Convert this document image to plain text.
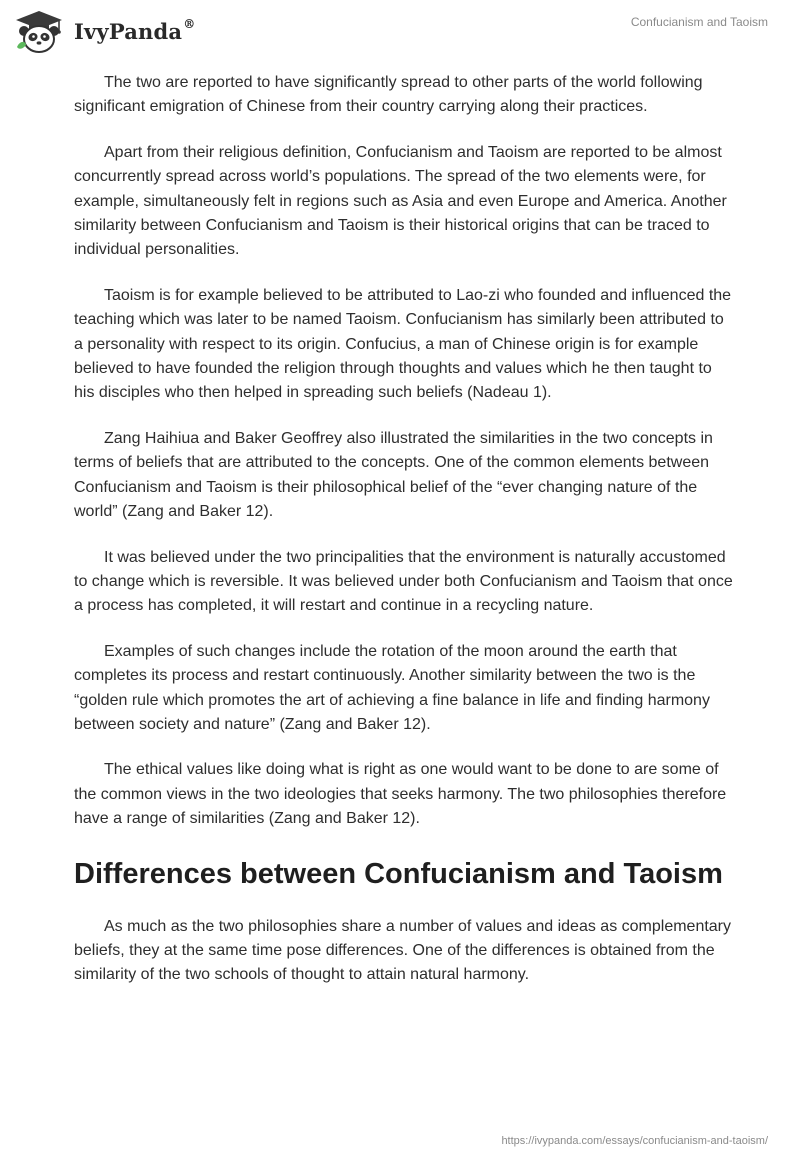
IvyPanda®	Confucianism and Taoism

The two are reported to have significantly spread to other parts of the world following significant emigration of Chinese from their country carrying along their practices.

Apart from their religious definition, Confucianism and Taoism are reported to be almost concurrently spread across world’s populations. The spread of the two elements were, for example, simultaneously felt in regions such as Asia and even Europe and America. Another similarity between Confucianism and Taoism is their historical origins that can be traced to individual personalities.

Taoism is for example believed to be attributed to Lao-zi who founded and influenced the teaching which was later to be named Taoism. Confucianism has similarly been attributed to a personality with respect to its origin. Confucius, a man of Chinese origin is for example believed to have founded the religion through thoughts and values which he then taught to his disciples who then helped in spreading such beliefs (Nadeau 1).

Zang Haihiua and Baker Geoffrey also illustrated the similarities in the two concepts in terms of beliefs that are attributed to the concepts. One of the common elements between Confucianism and Taoism is their philosophical belief of the “ever changing nature of the world” (Zang and Baker 12).

It was believed under the two principalities that the environment is naturally accustomed to change which is reversible. It was believed under both Confucianism and Taoism that once a process has completed, it will restart and continue in a recycling nature.

Examples of such changes include the rotation of the moon around the earth that completes its process and restart continuously. Another similarity between the two is the “golden rule which promotes the art of achieving a fine balance in life and finding harmony between society and nature” (Zang and Baker 12).

The ethical values like doing what is right as one would want to be done to are some of the common views in the two ideologies that seeks harmony. The two philosophies therefore have a range of similarities (Zang and Baker 12).

Differences between Confucianism and Taoism

As much as the two philosophies share a number of values and ideas as complementary beliefs, they at the same time pose differences. One of the differences is obtained from the similarity of the two schools of thought to attain natural harmony.

https://ivypanda.com/essays/confucianism-and-taoism/
